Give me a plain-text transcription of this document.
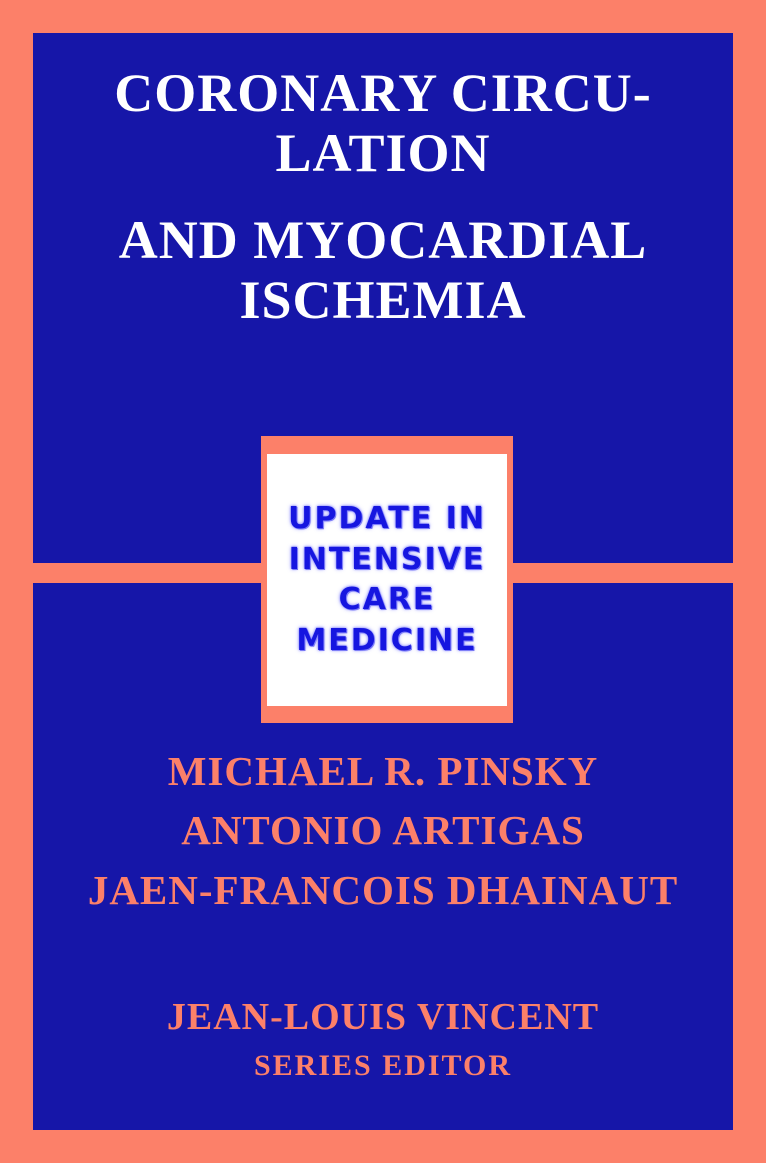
CORONARY CIRCU-
LATION
AND MYOCARDIAL
ISCHEMIA
UPDATE IN
INTENSIVE
CARE
MEDICINE
MICHAEL R. PINSKY
ANTONIO ARTIGAS
JAEN-FRANCOIS DHAINAUT
JEAN-LOUIS VINCENT
SERIES EDITOR
